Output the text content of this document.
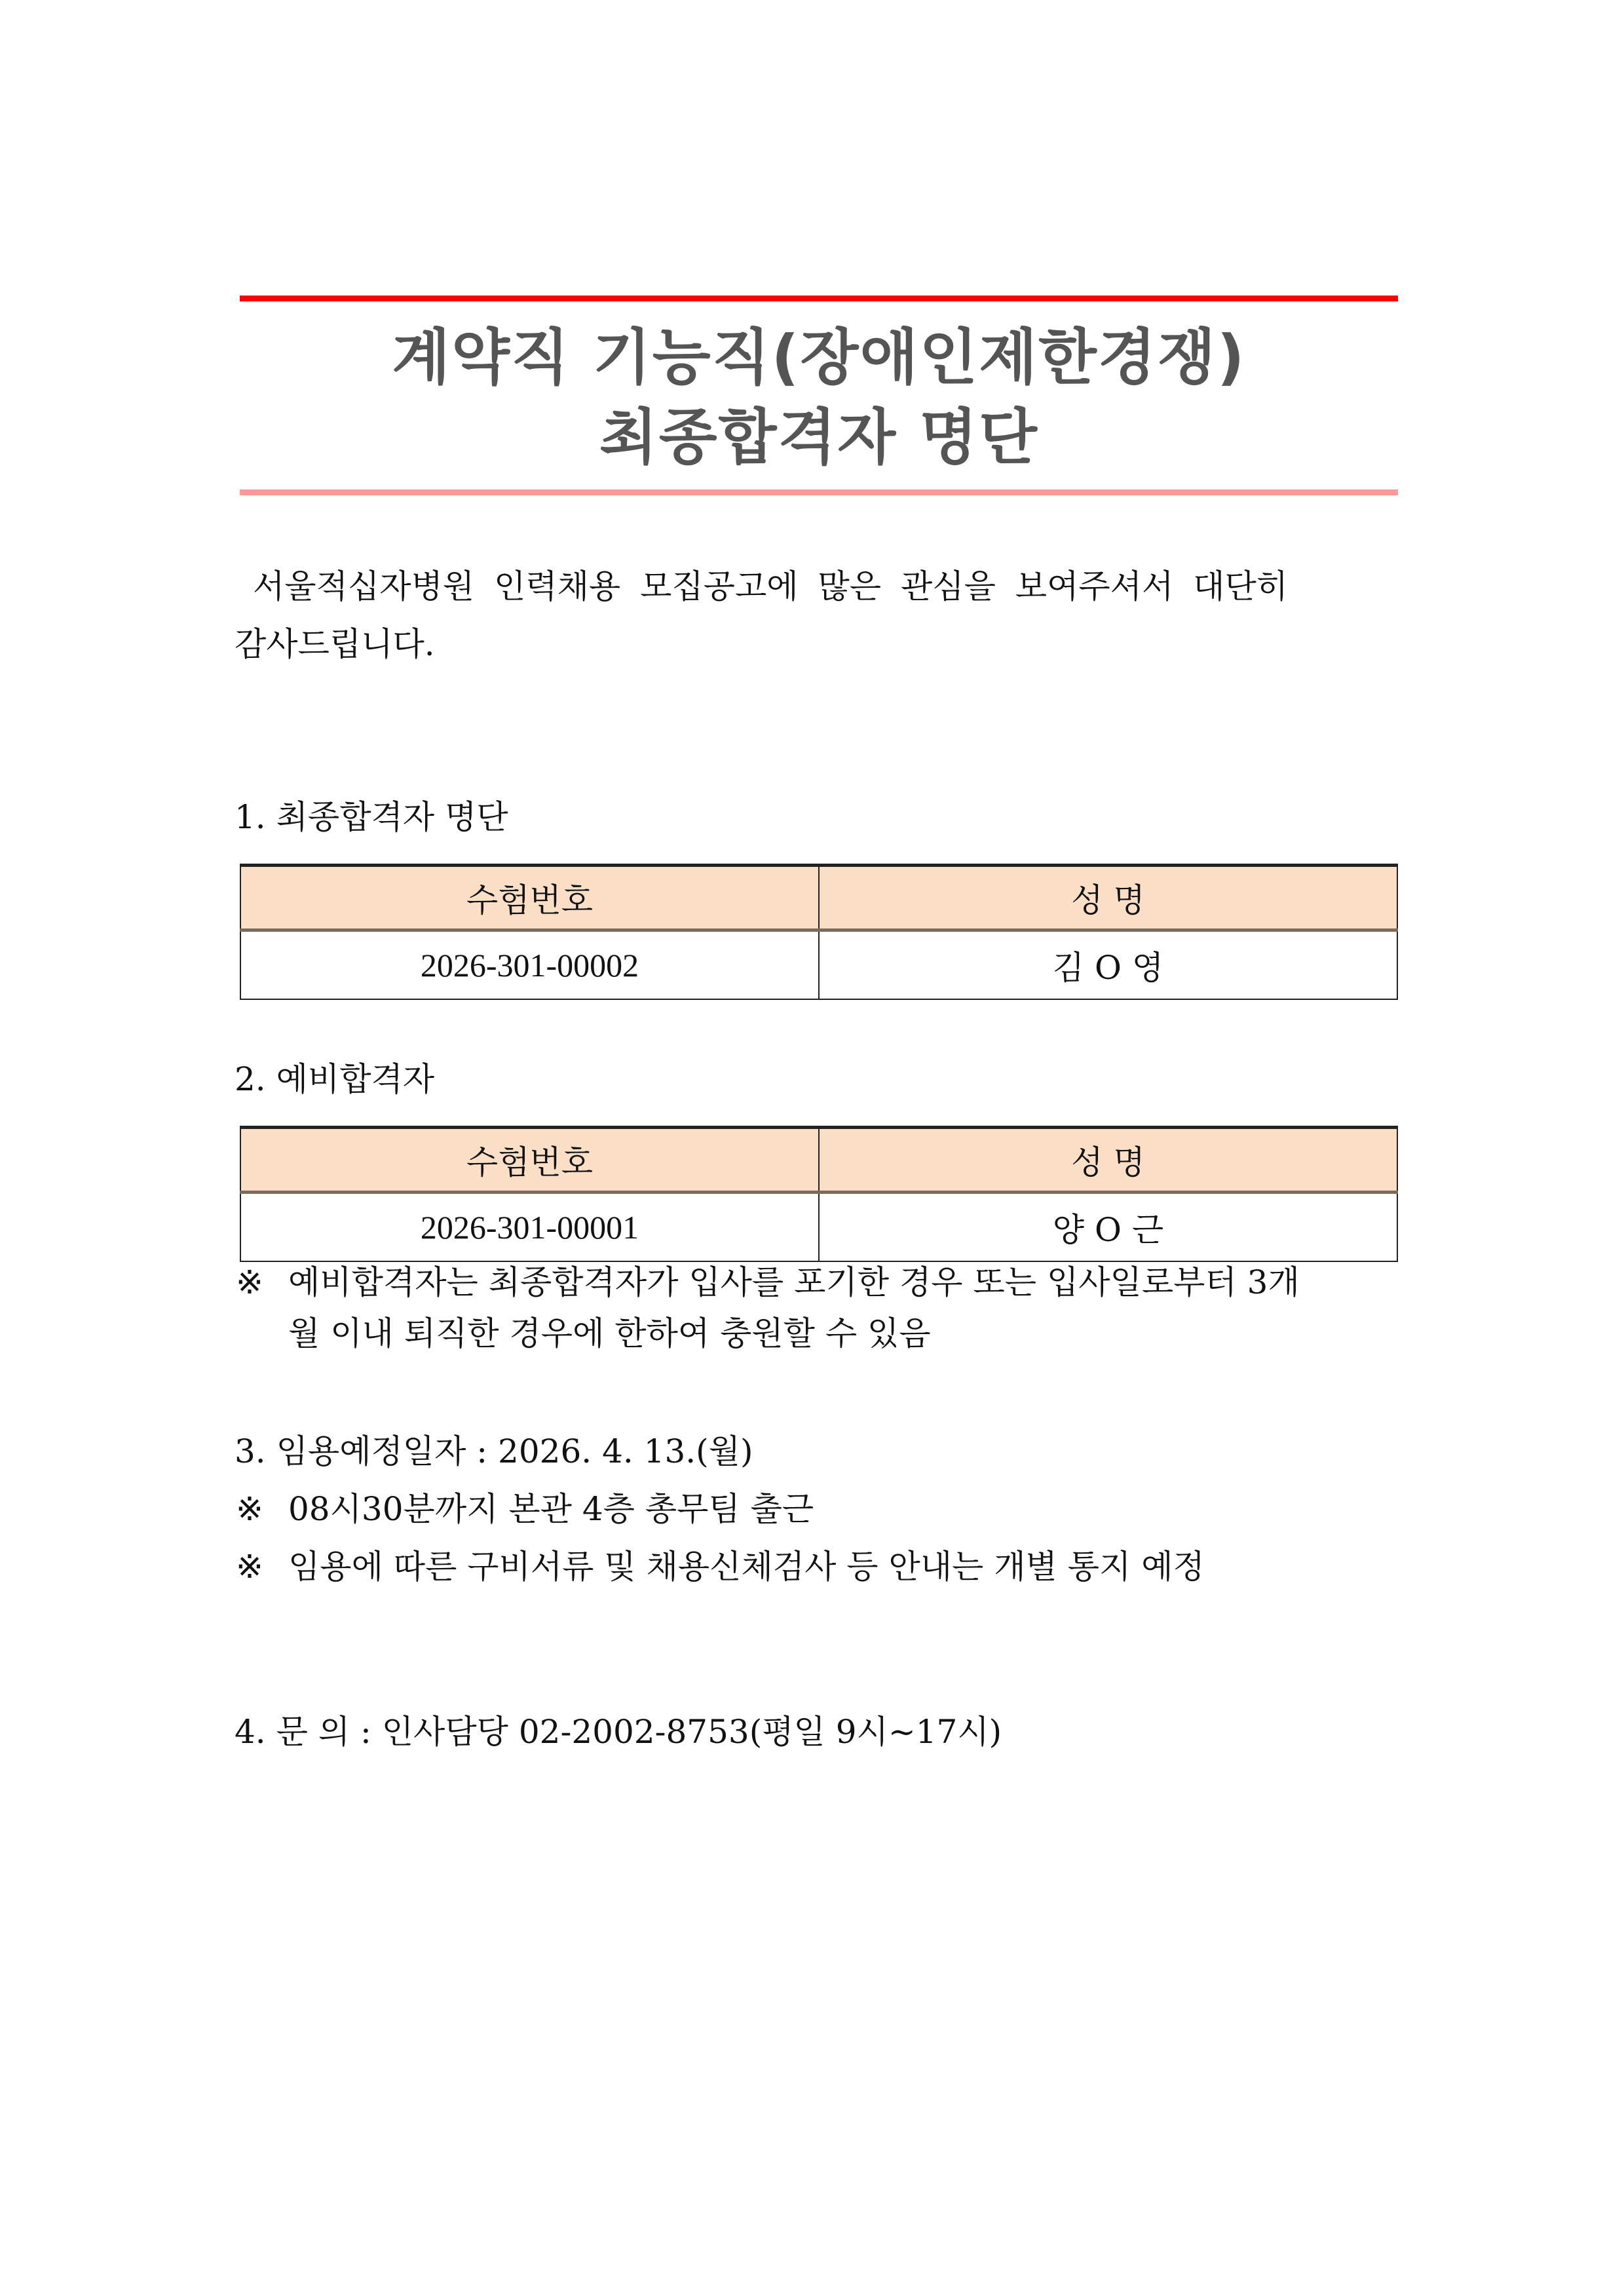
계약직 기능직(장애인제한경쟁)
최종합격자 명단
서울적십자병원 인력채용 모집공고에 많은 관심을 보여주셔서 대단히
감사드립니다.
1. 최종합격자 명단
수험번호	성 명
2026-301-00002	김 O 영
2. 예비합격자
수험번호	성 명
2026-301-00001	양 O 근
※ 예비합격자는 최종합격자가 입사를 포기한 경우 또는 입사일로부터 3개
월 이내 퇴직한 경우에 한하여 충원할 수 있음
3. 임용예정일자 : 2026. 4. 13.(월)
※ 08시30분까지 본관 4층 총무팀 출근
※ 임용에 따른 구비서류 및 채용신체검사 등 안내는 개별 통지 예정
4. 문 의 : 인사담당 02-2002-8753(평일 9시~17시)
